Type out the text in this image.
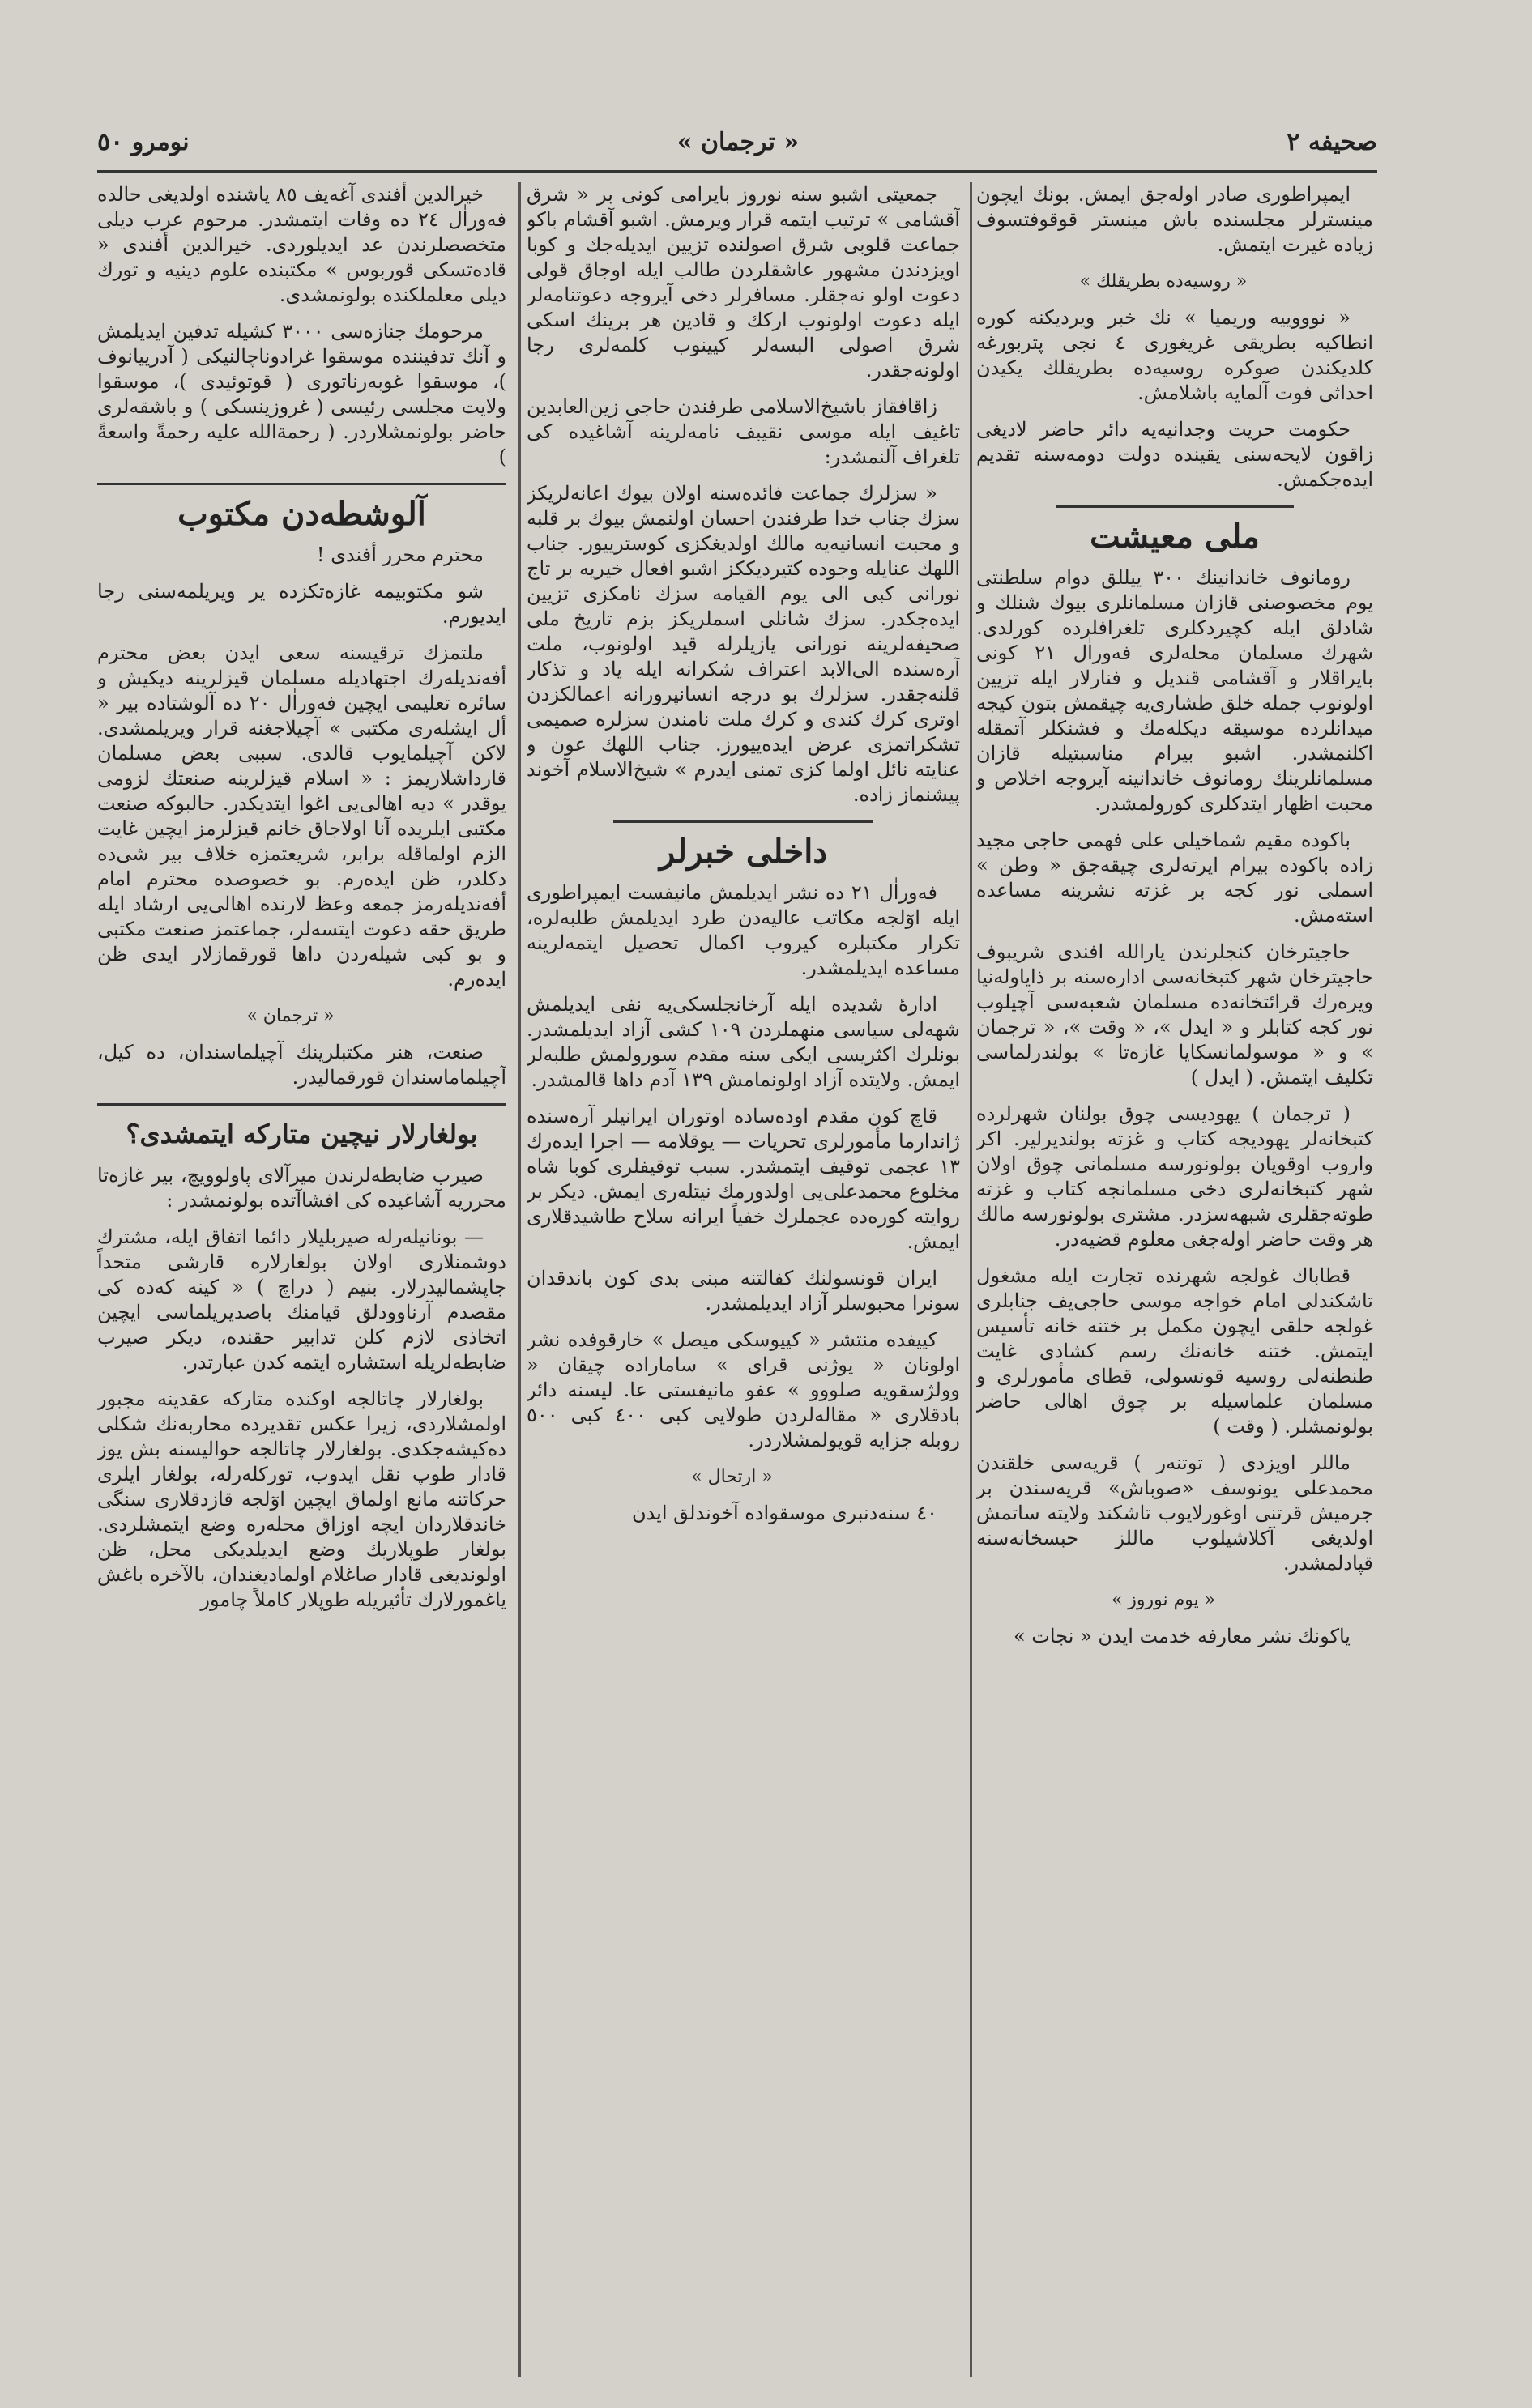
صحیفه ۲
« ترجمان »
نومرو ٥٠

ایمپراطوری صادر اولەجق ایمش. بونك ایچون مینستر‌لر مجلسندە باش مینستر قوقوفتسوف زیادە غیرت ایتمش.

« روسیەدە بطریقلك »

« نوووییە وریمیا » نك خبر ویردیکنه کورە انطاکیه بطریقی غریغوری ٤ نجی پتربورغه کلدیکندن صوکرە روسیەدە بطریقلك یکیدن احداثی فوت آلمایە باشلامش.

حکومت حریت وجدانیەیە دائر حاضر لادیغی زاقون لایحەسنی یقینده دولت دومەسنه تقدیم ایدەجکمش.

ملی معیشت

رومانوف خاندانینك ٣٠٠ ییللق دوام سلطنتی یوم مخصوصنی قازان مسلمانلری بیوك شنلك و شادلق ایله کچیردکلری تلغرافلردە کورلدی. شهرك مسلمان محلەلری فەوراٰل ٢١ کونی بایراقلار و آقشامی قندیل و فنارلار ایله تزیین اولونوب جمله خلق طشاری‌یه چیقمش بتون کیجه میدانلردە موسیقه دیکلەمك و فشنکلر آتمقله اکلنمشدر. اشبو بیرام مناسبتیله قازان مسلمانلرینك رومانوف خاندانینه آیروجه اخلاص و محبت اظهار ایتدکلری کورولمشدر.

باکودە مقیم شماخیلی علی فهمی حاجی مجید زادە باکودە بیرام ایرتەلری چیقەجق « وطن » اسملی نور کجه بر غزته نشرینه مساعدە استەمش.

حاجیترخان کنجلرندن یارالله افندی شریبوف حاجیترخان شهر کتبخانەسی ادارەسنه بر ذایاولەنیا ویرەرك قرائتخانەدە مسلمان شعبەسی آچیلوب نور کجه کتابلر و « ایدل »، « وقت »، « ترجمان » و « موسولمانسکایا غازەتا » بولندرلماسی تکلیف ایتمش. ( ایدل )

( ترجمان ) یهودیسی چوق بولنان شهرلردە کتبخانەلر یهودیجه کتاب و غزته بولندیرلیر. اکر واروب اوقویان بولونورسه مسلمانی چوق اولان شهر کتبخانەلری دخی مسلمانجه کتاب و غزته طوتەجقلری شبهەسزدر. مشتری بولونورسه مالك هر وقت حاضر اولەجغی معلوم قضیەدر.

قطاباك غولجه شهرنده تجارت ایله مشغول تاشکندلی امام خواجه موسی حاجی‌یف جنابلری غولجه حلقی ایچون مکمل بر ختنه خانه تأسیس ایتمش. ختنه خانەنك رسم کشادی غایت طنطنەلی روسیه قونسولی، قطای مأمورلری و مسلمان علماسیله بر چوق اهالی حاضر بولونمشلر. ( وقت )

ماللر اویزدی ( توتنەر ) قریەسی خلقندن محمدعلی یونوسف «صوباش» قریەسندن بر جرمیش قرتنی اوغورلایوب تاشکند ولایته ساتمش اولدیغی آکلاشیلوب ماللز حبسخانەسنه قپادلمشدر.

« یوم نوروز »

یاکونك نشر معارفه خدمت ایدن « نجات »

جمعیتی اشبو سنه نوروز بایرامی کونی بر « شرق آقشامی » ترتیب ایتمه قرار ویرمش. اشبو آقشام باکو جماعت قلوبی شرق اصولنده تزیین ایدیلەجك و کوبا اویزدندن مشهور عاشقلردن طالب ایله اوجاق قولی دعوت اولو نەجقلر. مسافرلر دخی آیروجه دعوتنامەلر ایله دعوت اولونوب ارکك و قادین هر برینك اسکی شرق اصولی البسەلر کیینوب کلمەلری رجا اولونەجقدر.

زاقافقاز باشیخ‌الاسلامی طرفندن حاجی زین‌العابدین تاغیف ایله موسی نقیبف نامەلرینه آشاغیدە کی تلغراف آلنمشدر:

« سزلرك جماعت فائدەسنه اولان بیوك اعانەلریکز سزك جناب خدا طرفندن احسان اولنمش بیوك بر قلبه و محبت انسانیەیه مالك اولدیغکزی کوسترییور. جناب اللهك عنایله وجودە کتیردیککز اشبو افعال خیریه بر تاج نورانی کبی الی یوم القیامه سزك نامکزی تزیین ایدەجکدر. سزك شانلی اسملریکز بزم تاریخ ملی صحیفەلرینه نورانی یازیلرله قید اولونوب، ملت آرەسنده الی‌الابد اعتراف شکرانه ایله یاد و تذکار قلنەجقدر. سزلرك بو درجه انسانپرورانه اعمالکزدن اوتری کرك کندی و کرك ملت نامندن سزلرە صمیمی تشکراتمزی عرض ایدەییورز. جناب اللهك عون و عنایته نائل اولما کزی تمنی ایدرم » شیخ‌الاسلام آخوند پیشنماز زادە.

داخلی خبرلر

فەوراٰل ٢١ دە نشر ایدیلمش مانیفست ایمپراطوری ایله اوٓلجه مکاتب عالیەدن طرد ایدیلمش طلبەلرە، تکرار مکتبلرە کیروب اکمال تحصیل ایتمەلرینه مساعدە ایدیلمشدر.

ادارۀ شدیدە ایله آرخانجلسکی‌یه نفی ایدیلمش شهەلی سیاسی منهملردن ١٠٩ کشی آزاد ایدیلمشدر. بونلرك اکثریسی ایکی سنه مقدم سورولمش طلبەلر ایمش. ولایتدە آزاد اولونمامش ١٣٩ آدم داها قالمشدر.

قاچ کون مقدم اودەسادە اوتوران ایرانیلر آرەسنده ژاندارما مأمورلری تحریات — یوقلامه — اجرا ایدەرك ١٣ عجمی توقیف ایتمشدر. سبب توقیفلری کوبا شاه مخلوع محمدعلی‌یی اولدورمك نیتلەری ایمش. دیکر بر روایته کورەدە عجملرك خفیاً ایرانه سلاح طاشیدقلاری ایمش.

ایران قونسولنك کفالتنه مبنی بدی کون باندقدان سونرا محبوسلر آزاد ایدیلمشدر.

کییفدە منتشر « کییوسکی میصل » خارقوفدە نشر اولونان « یوژنی قرای » سامارادە چیقان « وولژسقویه صلووو » عفو مانیفستی عا. لیسنه دائر بادقلاری « مقالەلردن طولایی کبی ٤٠٠ کبی ٥٠٠ روبله جزایه قویولمشلاردر.

« ارتحال »

٤٠ سنەدنبری موسقوادە آخوندلق ایدن

خیرالدین أفندی آغەیف ٨٥ یاشنده اولدیغی حالدە فەوراٰل ٢٤ دە وفات ایتمشدر. مرحوم عرب دیلی متخصصلرندن عد ایدیلوردی. خیرالدین أفندی « قادەتسکی قوربوس » مکتبندە علوم دینیه و تورك دیلی معلملکندە بولونمشدی.

مرحومك جنازەسی ٣٠٠٠ کشیلە تدفین ایدیلمش و آنك تدفیننده موسقوا غرادوناچالنیکی ( آدرییانوف )، موسقوا غوبەرناتوری ( قوتوئیدی )، موسقوا ولایت مجلسی رئیسی ( غروزینسکی ) و باشقەلری حاضر بولونمشلاردر. ( رحمةالله علیه رحمةً واسعةً )

آلوشطەدن مکتوب

محترم محرر أفندی !

شو مکتوبیمه غازەتکزدە یر ویریلمەسنی رجا ایدیورم.

ملتمزك ترقیسنه سعی ایدن بعض محترم أفەندیلەرك اجتهادیله مسلمان قیزلرینه دیکیش و سائرە تعلیمی ایچین فەوراٰل ٢٠ دە آلوشتادە بیر « أل ایشلەری مکتبی » آچیلاجغنه قرار ویریلمشدی. لاکن آچیلمایوب قالدی. سببی بعض مسلمان قارداشلاریمز : « اسلام قیزلرینه صنعتك لزومی یوقدر » دیه اهالی‌یی اغوا ایتدیکدر. حالبوکه صنعت مکتبی ایلریدە آنا اولاجاق خانم قیزلرمز ایچین غایت الزم اولماقله برابر، شریعتمزه خلاف بیر شی‌دە دکلدر، ظن ایدەرم. بو خصوصدە محترم امام أفەندیلەرمز جمعه وعظ لارندە اهالی‌یی ارشاد ایله طریق حقه دعوت ایتسەلر، جماعتمز صنعت مکتبی و بو کبی شیلەردن داها قورقمازلار ایدی ظن ایدەرم.

« ترجمان »

صنعت، هنر مکتبلرینك آچیلماسندان، دە کیل، آچیلماماسندان قورقمالیدر.

بولغارلار نیچین متارکه ایتمشدی؟

صیرب ضابطەلرندن میرآلای پاولوویچ، بیر غازەتا محرریه آشاغیدە کی افشاآتدە بولونمشدر :

— بونانیلەرله صیربلیلار دائما اتفاق ایله، مشترك دوشمنلاری اولان بولغارلاره قارشی متحداً جاپشمالیدرلار. بنیم ( دراچ ) « کینه کەده کی مقصدم آرناوودلق قیامنك باصدیریلماسی ایچین اتخاذی لازم کلن تدابیر حقندە، دیکر صیرب ضابطەلریله استشارە ایتمه کدن عبارتدر.

بولغارلار چاتالجه اوکنده متارکه عقدینه مجبور اولمشلاردی، زیرا عکس تقدیردە محاربەنك شکلی دەکیشەجکدی. بولغارلار چاتالجه حوالیسنه بش یوز قادار طوپ نقل ایدوب، تورکلەرلە، بولغار ایلری حرکاتنه مانع اولماق ایچین اوٓلجه قازدقلاری سنگی خاندقلاردان ایچه اوزاق محلەرە وضع ایتمشلردی. بولغار طوپلاریك وضع ایدیلدیکی محل، ظن اولوندیغی قادار صاغلام اولمادیغندان، بالآخره باغش یاغمورلارك تأثیریله طوپلار کاملاً چامور
